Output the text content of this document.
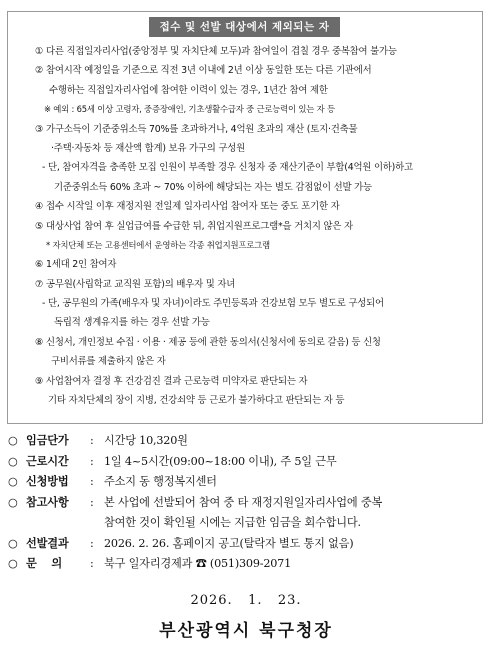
접수 및 선발 대상에서 제외되는 자
① 다른 직접일자리사업(중앙정부 및 자치단체 모두)과 참여일이 겹칠 경우 중복참여 불가능
② 참여시작 예정일을 기준으로 직전 3년 이내에 2년 이상 동일한 또는 다른 기관에서
수행하는 직접일자리사업에 참여한 이력이 있는 경우, 1년간 참여 제한
※ 예외 : 65세 이상 고령자, 중증장애인, 기초생활수급자 중 근로능력이 있는 자 등
③ 가구소득이 기준중위소득 70%를 초과하거나, 4억원 초과의 재산 (토지·건축물
·주택·자동차 등 재산액 합계) 보유 가구의 구성원
- 단, 참여자격을 충족한 모집 인원이 부족할 경우 신청자 중 재산기준이 부합(4억원 이하)하고
기준중위소득 60% 초과 ~ 70% 이하에 해당되는 자는 별도 감점없이 선발 가능
④ 접수 시작일 이후 재정지원 전일제 일자리사업 참여자 또는 중도 포기한 자
⑤ 대상사업 참여 후 실업급여를 수급한 뒤, 취업지원프로그램*을 거치지 않은 자
* 자치단체 또는 고용센터에서 운영하는 각종 취업지원프로그램
⑥ 1세대 2인 참여자
⑦ 공무원(사립학교 교직원 포함)의 배우자 및 자녀
- 단, 공무원의 가족(배우자 및 자녀)이라도 주민등록과 건강보험 모두 별도로 구성되어
독립적 생계유지를 하는 경우 선발 가능
⑧ 신청서, 개인정보 수집 · 이용 · 제공 등에 관한 동의서(신청서에 동의로 갈음) 등 신청
구비서류를 제출하지 않은 자
⑨ 사업참여자 결정 후 건강검진 결과 근로능력 미약자로 판단되는 자
기타 자치단체의 장이 지병, 건강쇠약 등 근로가 불가하다고 판단되는 자 등
○ 임금단가	: 시간당 10,320원
○ 근로시간	: 1일 4~5시간(09:00~18:00 이내), 주 5일 근무
○ 신청방법	: 주소지 동 행정복지센터
○ 참고사항	: 본 사업에 선발되어 참여 중 타 재정지원일자리사업에 중복
참여한 것이 확인될 시에는 지급한 임금을 회수합니다.
○ 선발결과	: 2026. 2. 26. 홈페이지 공고(탈락자 별도 통지 없음)
○ 문    의	: 북구 일자리경제과 ☎ (051)309-2071
2026.   1.   23.
부산광역시 북구청장
